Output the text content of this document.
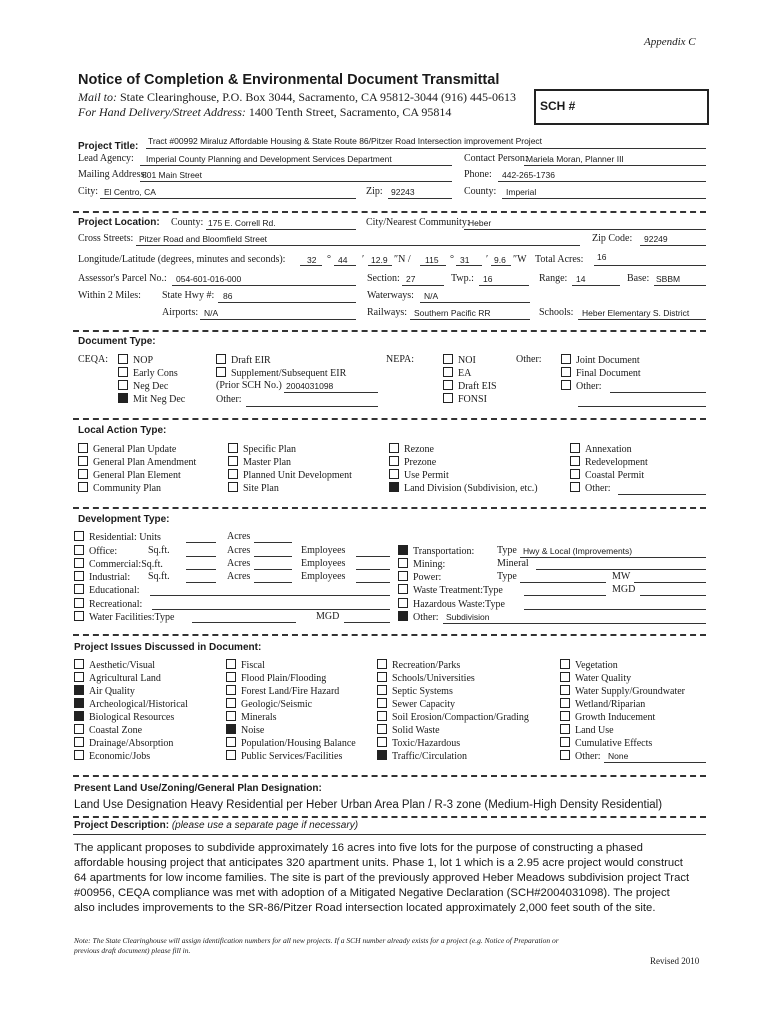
Appendix C
Notice of Completion & Environmental Document Transmittal
Mail to: State Clearinghouse, P.O. Box 3044, Sacramento, CA 95812-3044 (916) 445-0613
For Hand Delivery/Street Address: 1400 Tenth Street, Sacramento, CA 95814	SCH #
Project Title: Tract #00992 Miraluz Affordable Housing & State Route 86/Pitzer Road Intersection improvement Project
Lead Agency: Imperial County Planning and Development Services Department	Contact Person:
Mariela Moran, Planner III
Mailing Address:
801 Main Street	Phone: 442-265-1736
City: El Centro, CA	Zip: 92243	County: Imperial
Project Location: County: 175 E. Correll Rd.	City/Nearest Community:
Heber
Cross Streets: Pitzer Road and Bloomfield Street	Zip Code: 92249
Longitude/Latitude (degrees, minutes and seconds):	32 ° 44 ′ 12.9 ″N / 115 ° 31 ′ 9.6 ″W Total Acres: 16
Assessor's Parcel No.: 054-601-016-000	Section: 27	Twp.: 16	Range: 14	Base: SBBM
Within 2 Miles: State Hwy #: 86	Waterways: N/A
Airports: N/A	Railways: Southern Pacific RR	Schools: Heber Elementary S. District
Document Type:
CEQA:	NOP
Early Cons
Neg Dec
Mit Neg Dec
Draft EIR
Supplement/Subsequent EIR
(Prior SCH No.) 2004031098
Other:
NEPA:	NOI
EA
Draft EIS
FONSI
Other:	Joint Document
Final Document
Other:
Local Action Type:
General Plan Update
General Plan Amendment
General Plan Element
Community Plan
Specific Plan
Master Plan
Planned Unit Development
Site Plan
Rezone
Prezone
Use Permit
Land Division (Subdivision, etc.)
Annexation
Redevelopment
Coastal Permit
Other:
Development Type:
Residential: Units	Acres
Office:	Sq.ft.	Acres	Employees
Commercial:Sq.ft.	Acres	Employees
Industrial: Sq.ft.	Acres	Employees
Educational:
Recreational:
Water Facilities:Type	MGD
Transportation: Type Hwy & Local (Improvements)
Mining:	Mineral
Power:	Type	MW
Waste Treatment:Type	MGD
Hazardous Waste:Type
Other: Subdivision
Project Issues Discussed in Document:
Aesthetic/Visual
Agricultural Land
Air Quality
Archeological/Historical
Biological Resources
Coastal Zone
Drainage/Absorption
Economic/Jobs
Fiscal
Flood Plain/Flooding
Forest Land/Fire Hazard
Geologic/Seismic
Minerals
Noise
Population/Housing Balance
Public Services/Facilities
Recreation/Parks
Schools/Universities
Septic Systems
Sewer Capacity
Soil Erosion/Compaction/Grading
Solid Waste
Toxic/Hazardous
Traffic/Circulation
Vegetation
Water Quality
Water Supply/Groundwater
Wetland/Riparian
Growth Inducement
Land Use
Cumulative Effects
Other: None
Present Land Use/Zoning/General Plan Designation:
Land Use Designation Heavy Residential per Heber Urban Area Plan / R-3 zone (Medium-High Density Residential)
Project Description: (please use a separate page if necessary)
The applicant proposes to subdivide approximately 16 acres into five lots for the purpose of constructing a phased
affordable housing project that anticipates 320 apartment units. Phase 1, lot 1 which is a 2.95 acre project would construct
64 apartments for low income families. The site is part of the previously approved Heber Meadows subdivision project Tract
#00956, CEQA compliance was met with adoption of a Mitigated Negative Declaration (SCH#2004031098). The project
also includes improvements to the SR-86/Pitzer Road intersection located approximately 2,000 feet south of the site.
Note: The State Clearinghouse will assign identification numbers for all new projects. If a SCH number already exists for a project (e.g. Notice of Preparation or
previous draft document) please fill in.
Revised 2010
